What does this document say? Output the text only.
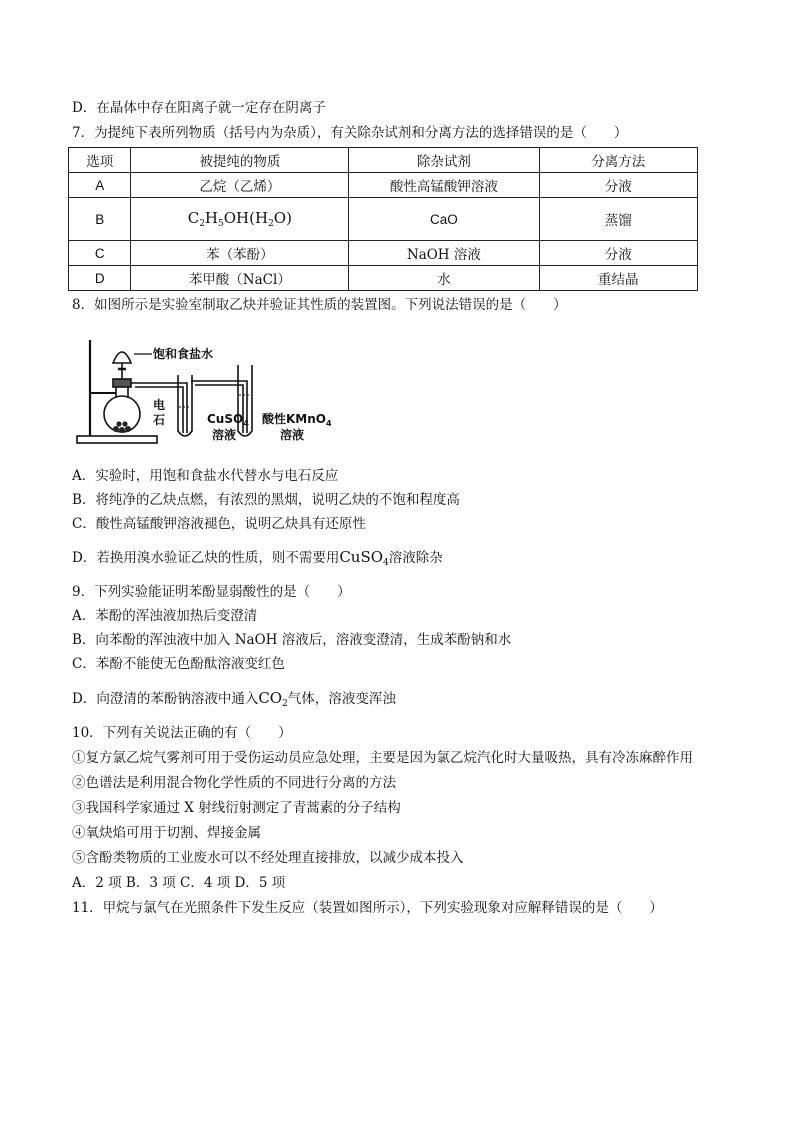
D．在晶体中存在阳离子就一定存在阴离子
7．为提纯下表所列物质（括号内为杂质），有关除杂试剂和分离方法的选择错误的是（　　）
选项	被提纯的物质	除杂试剂	分离方法
A	乙烷（乙烯）	酸性高锰酸钾溶液	分液
B	$C_2H_5OH(H_2O)$	CaO	蒸馏
C	苯（苯酚）	NaOH 溶液	分液
D	苯甲酸（NaCl）	水	重结晶
8．如图所示是实验室制取乙炔并验证其性质的装置图。下列说法错误的是（　　）
饱和食盐水
电
石	CuSO$_4$
溶液
酸性KMnO$_4$
溶液
A．实验时，用饱和食盐水代替水与电石反应
B．将纯净的乙炔点燃，有浓烈的黑烟，说明乙炔的不饱和程度高
C．酸性高锰酸钾溶液褪色，说明乙炔具有还原性
D．若换用溴水验证乙炔的性质，则不需要用CuSO$_4$溶液除杂
9．下列实验能证明苯酚显弱酸性的是（　　）
A．苯酚的浑浊液加热后变澄清
B．向苯酚的浑浊液中加入 NaOH 溶液后，溶液变澄清，生成苯酚钠和水
C．苯酚不能使无色酚酞溶液变红色
D．向澄清的苯酚钠溶液中通入$CO_2$气体，溶液变浑浊
10．下列有关说法正确的有（　　）
①复方氯乙烷气雾剂可用于受伤运动员应急处理，主要是因为氯乙烷汽化时大量吸热，具有冷冻麻醉作用
②色谱法是利用混合物化学性质的不同进行分离的方法
③我国科学家通过 X 射线衍射测定了青蒿素的分子结构
④氧炔焰可用于切割、焊接金属
⑤含酚类物质的工业废水可以不经处理直接排放，以减少成本投入
A．2 项 B．3 项 C．4 项 D．5 项
11．甲烷与氯气在光照条件下发生反应（装置如图所示），下列实验现象对应解释错误的是（　　）
